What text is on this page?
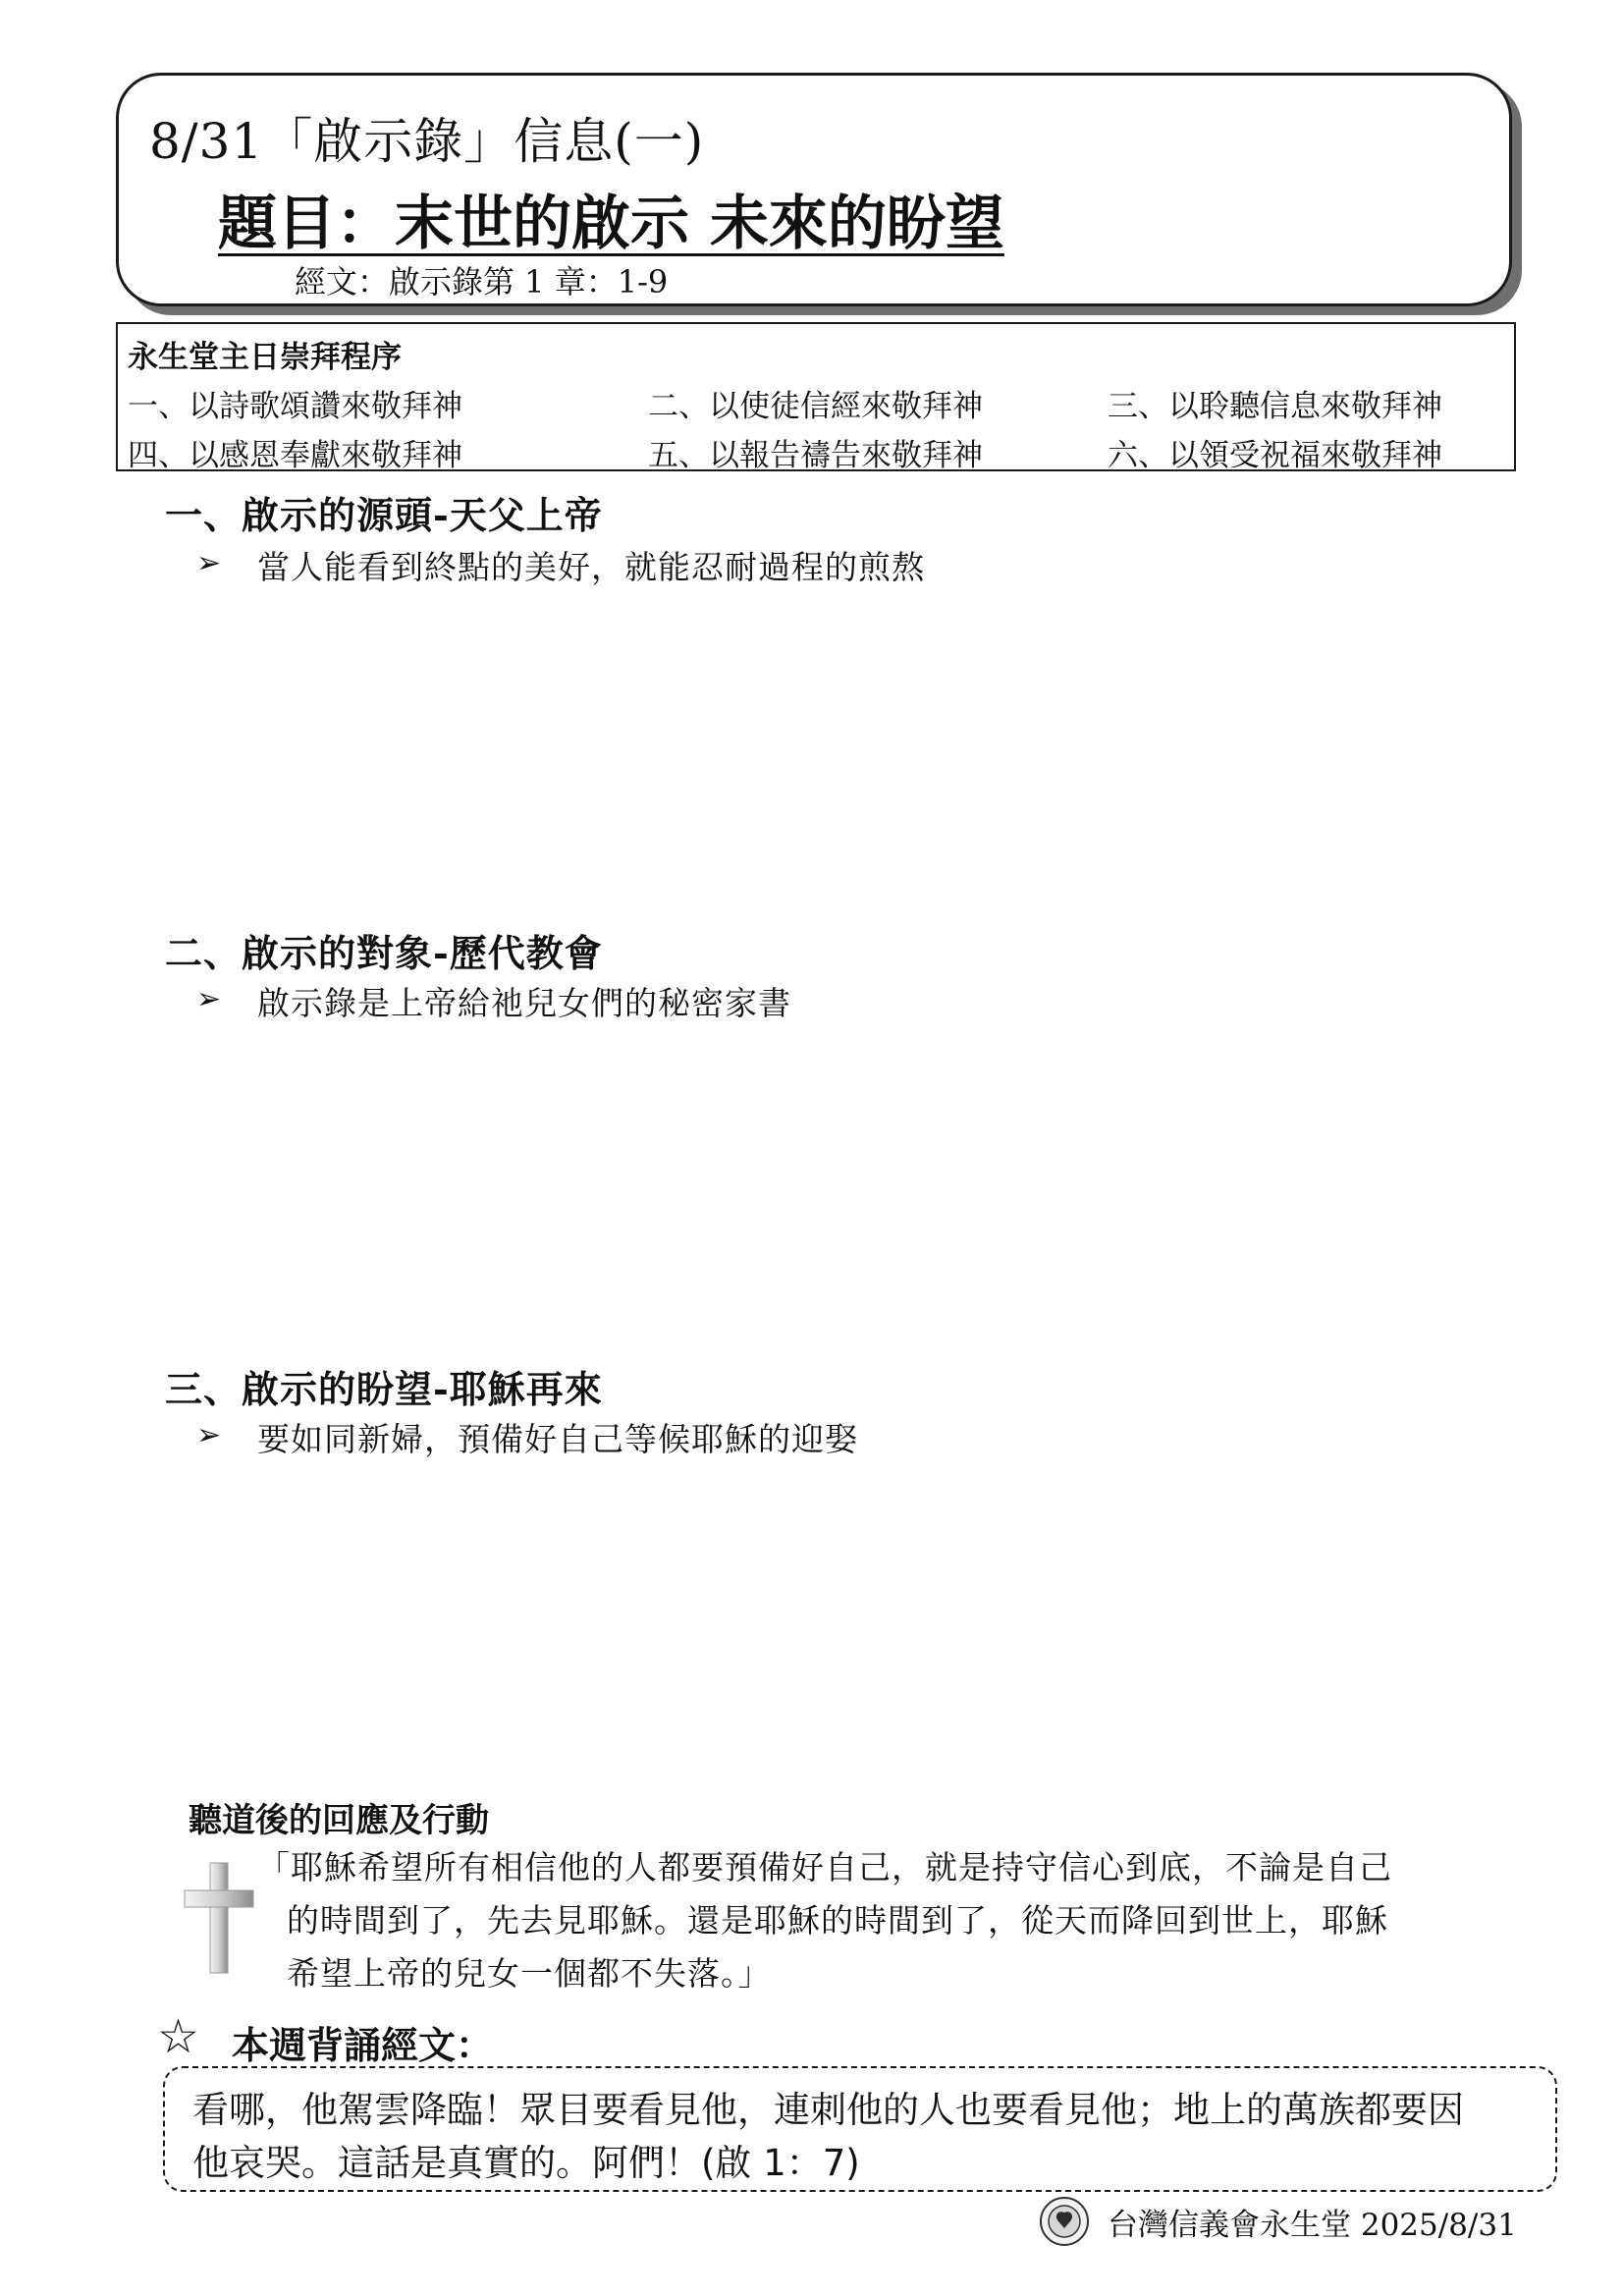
8/31「啟示錄」信息(一)
題目：末世的啟示 未來的盼望
經文：啟示錄第 1 章：1-9
永生堂主日崇拜程序
一、以詩歌頌讚來敬拜神	二、以使徒信經來敬拜神	三、以聆聽信息來敬拜神
四、以感恩奉獻來敬拜神	五、以報告禱告來敬拜神	六、以領受祝福來敬拜神
一、啟示的源頭-天父上帝
➢ 當人能看到終點的美好，就能忍耐過程的煎熬
二、啟示的對象-歷代教會
➢ 啟示錄是上帝給祂兒女們的秘密家書
三、啟示的盼望-耶穌再來
➢ 要如同新婦，預備好自己等候耶穌的迎娶
聽道後的回應及行動
「耶穌希望所有相信他的人都要預備好自己，就是持守信心到底，不論是自己
的時間到了，先去見耶穌。還是耶穌的時間到了，從天而降回到世上，耶穌
希望上帝的兒女一個都不失落。」
☆ 本週背誦經文：
看哪，他駕雲降臨！眾目要看見他，連刺他的人也要看見他；地上的萬族都要因
他哀哭。這話是真實的。阿們！(啟 1：7)
台灣信義會永生堂 2025/8/31
